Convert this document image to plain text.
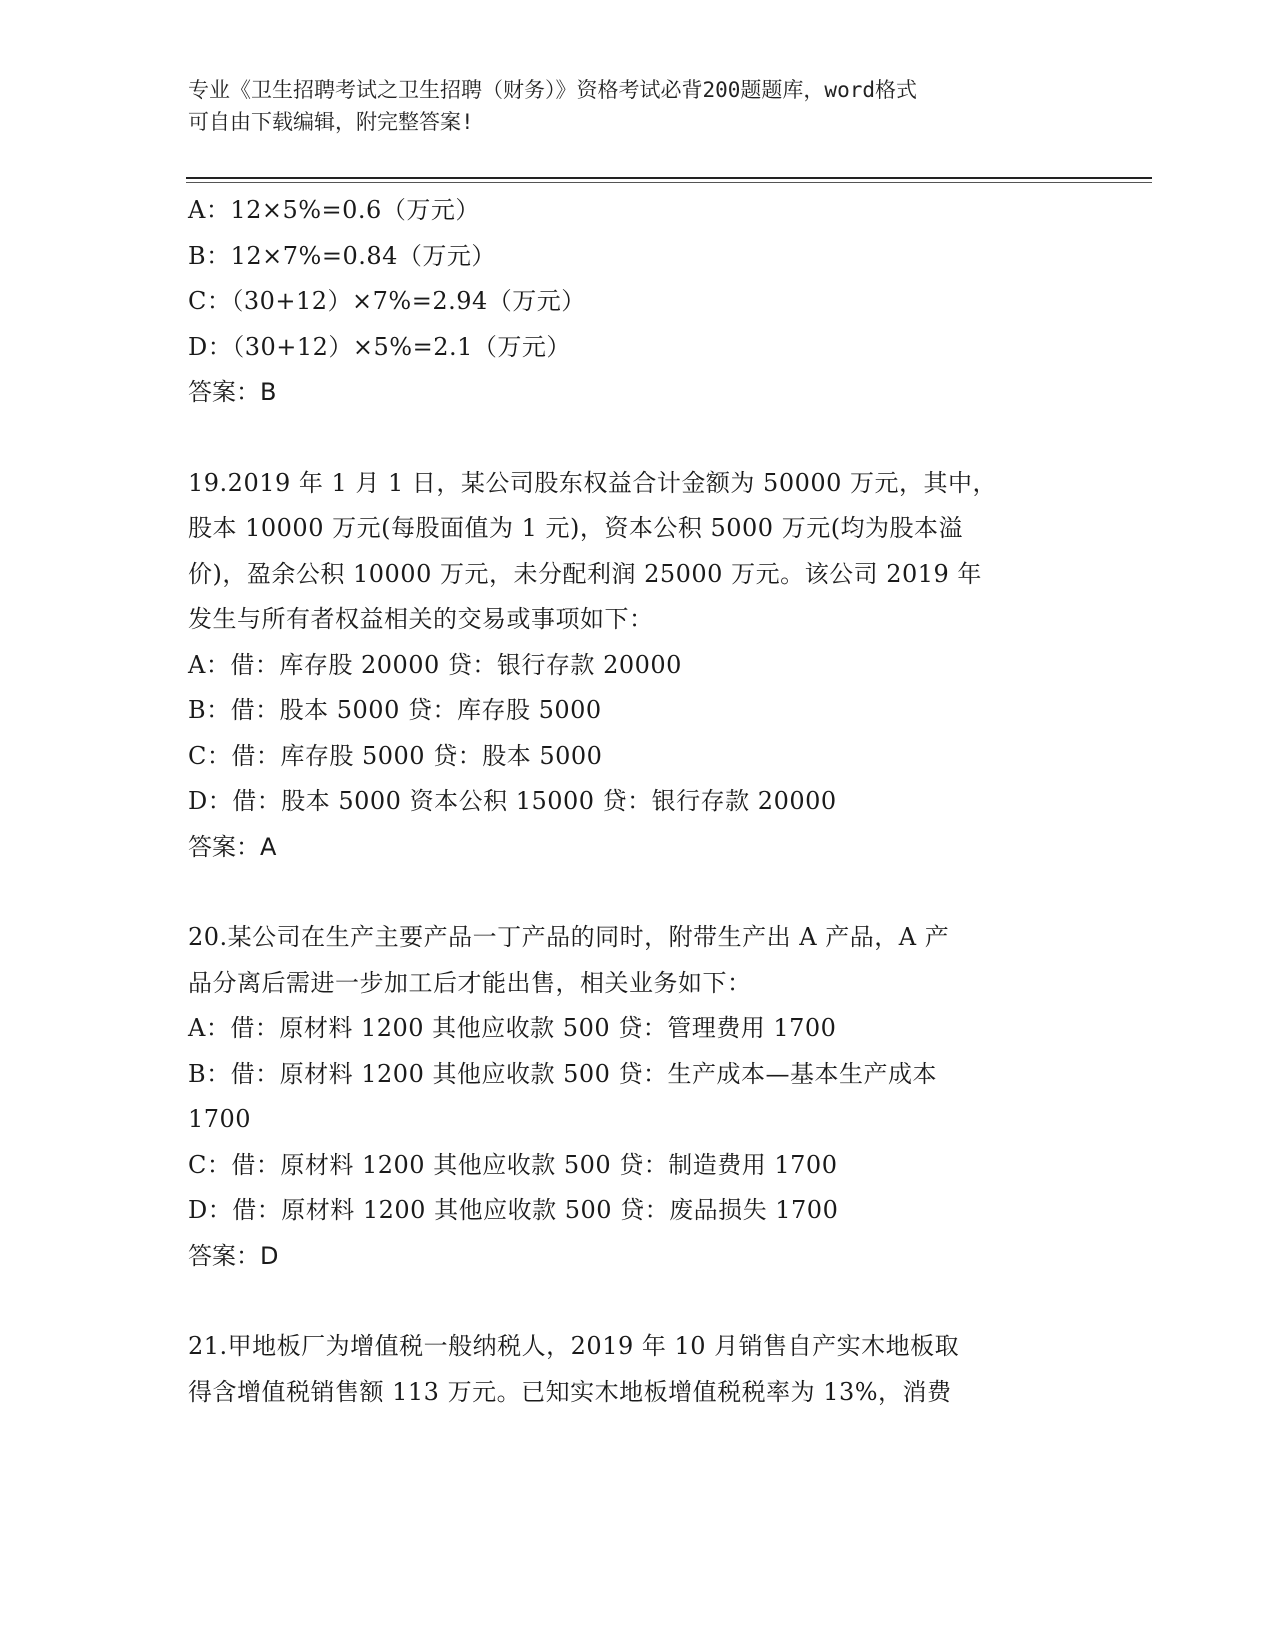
专业《卫生招聘考试之卫生招聘（财务）》资格考试必背200题题库，word格式
可自由下载编辑，附完整答案!
A：12×5%=0.6（万元）
B：12×7%=0.84（万元）
C：（30+12）×7%=2.94（万元）
D：（30+12）×5%=2.1（万元）
答案：B
19.2019 年 1 月 1 日，某公司股东权益合计金额为 50000 万元，其中，
股本 10000 万元(每股面值为 1 元)，资本公积 5000 万元(均为股本溢
价)，盈余公积 10000 万元，未分配利润 25000 万元。该公司 2019 年
发生与所有者权益相关的交易或事项如下：
A：借：库存股 20000 贷：银行存款 20000
B：借：股本 5000 贷：库存股 5000
C：借：库存股 5000 贷：股本 5000
D：借：股本 5000 资本公积 15000 贷：银行存款 20000
答案：A
20.某公司在生产主要产品一丁产品的同时，附带生产出 A 产品，A 产
品分离后需进一步加工后才能出售，相关业务如下：
A：借：原材料 1200 其他应收款 500 贷：管理费用 1700
B：借：原材料 1200 其他应收款 500 贷：生产成本—基本生产成本
1700
C：借：原材料 1200 其他应收款 500 贷：制造费用 1700
D：借：原材料 1200 其他应收款 500 贷：废品损失 1700
答案：D
21.甲地板厂为增值税一般纳税人，2019 年 10 月销售自产实木地板取
得含增值税销售额 113 万元。已知实木地板增值税税率为 13%，消费
